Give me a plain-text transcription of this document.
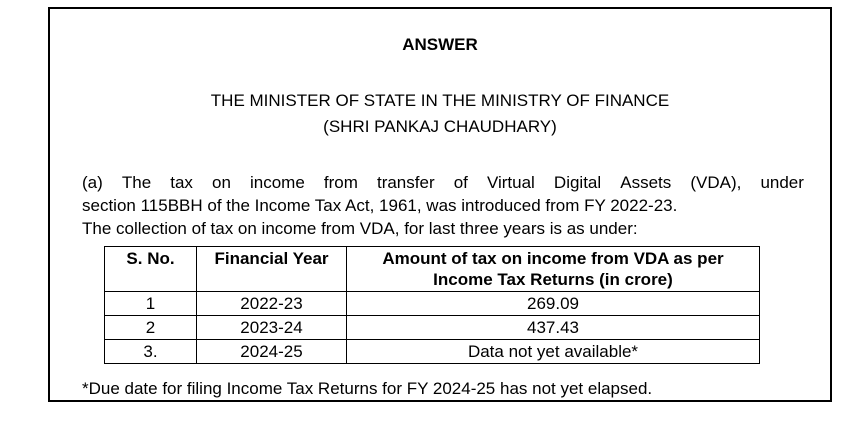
ANSWER
THE MINISTER OF STATE IN THE MINISTRY OF FINANCE
(SHRI PANKAJ CHAUDHARY)
(a) The tax on income from transfer of Virtual Digital Assets (VDA), under
section 115BBH of the Income Tax Act, 1961, was introduced from FY 2022-23.
The collection of tax on income from VDA, for last three years is as under:
S. No.	Financial Year	Amount of tax on income from VDA as per Income Tax Returns (in crore)
1	2022-23	269.09
2	2023-24	437.43
3.	2024-25	Data not yet available*
*Due date for filing Income Tax Returns for FY 2024-25 has not yet elapsed.
